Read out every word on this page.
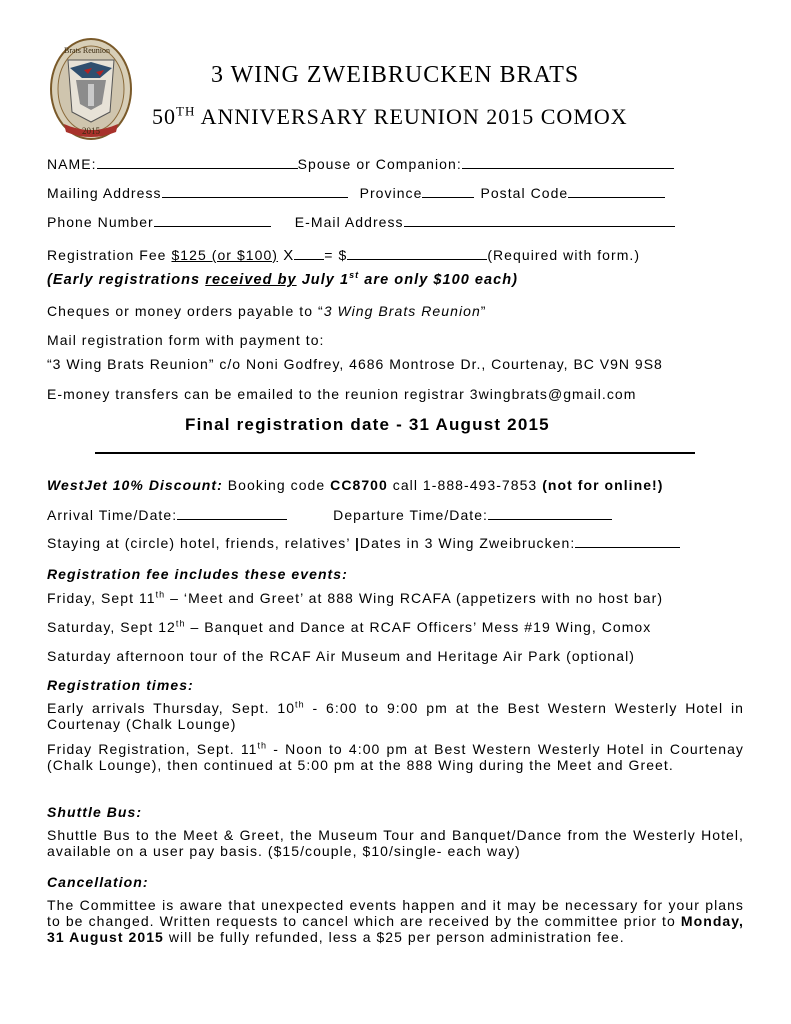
Brats Reunion
2015
3 WING ZWEIBRUCKEN BRATS
50TH ANNIVERSARY REUNION 2015 COMOX
NAME:	Spouse or Companion:
Mailing Address	Province	Postal Code
Phone Number	E-Mail Address
Registration Fee $125 (or $100) X = $	(Required with form.)
(Early registrations received by July 1st are only $100 each)
Cheques or money orders payable to “3 Wing Brats Reunion”
Mail registration form with payment to:
“3 Wing Brats Reunion” c/o Noni Godfrey, 4686 Montrose Dr., Courtenay, BC V9N 9S8
E-money transfers can be emailed to the reunion registrar 3wingbrats@gmail.com
Final registration date - 31 August 2015
WestJet 10% Discount: Booking code CC8700 call 1-888-493-7853 (not for online!)
Arrival Time/Date:	Departure Time/Date:
Staying at (circle) hotel, friends, relatives’ |Dates in 3 Wing Zweibrucken:
Registration fee includes these events:
Friday, Sept 11th – ‘Meet and Greet’ at 888 Wing RCAFA (appetizers with no host bar)
Saturday, Sept 12th – Banquet and Dance at RCAF Officers’ Mess #19 Wing, Comox
Saturday afternoon tour of the RCAF Air Museum and Heritage Air Park (optional)
Registration times:
Early arrivals Thursday, Sept. 10th - 6:00 to 9:00 pm at the Best Western Westerly Hotel in Courtenay (Chalk Lounge)
Friday Registration, Sept. 11th - Noon to 4:00 pm at Best Western Westerly Hotel in Courtenay (Chalk Lounge), then continued at 5:00 pm at the 888 Wing during the Meet and Greet.
Shuttle Bus:
Shuttle Bus to the Meet & Greet, the Museum Tour and Banquet/Dance from the Westerly Hotel, available on a user pay basis. ($15/couple, $10/single- each way)
Cancellation:
The Committee is aware that unexpected events happen and it may be necessary for your plans to be changed. Written requests to cancel which are received by the committee prior to Monday, 31 August 2015 will be fully refunded, less a $25 per person administration fee.
